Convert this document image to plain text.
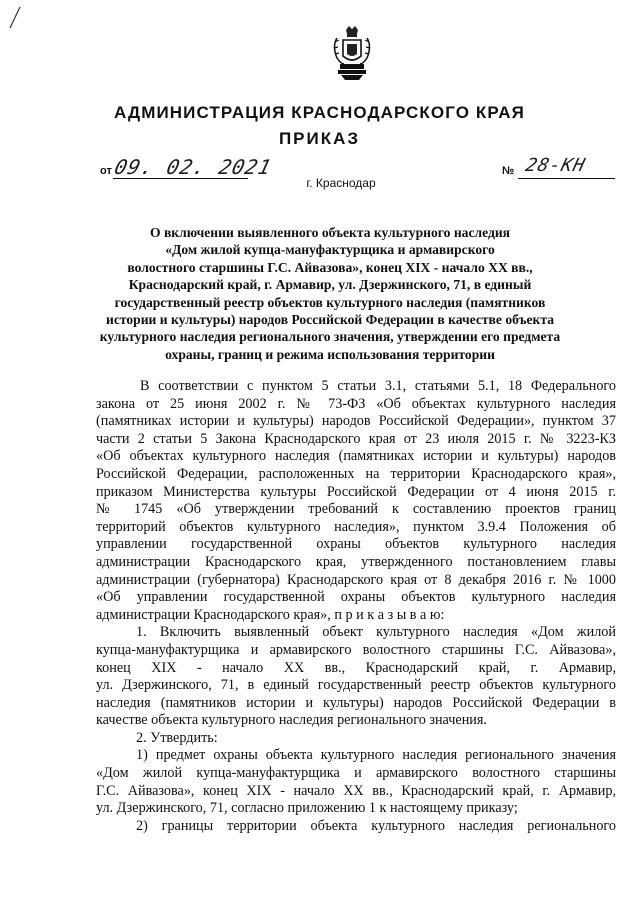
АДМИНИСТРАЦИЯ КРАСНОДАРСКОГО КРАЯ
ПРИКАЗ
от 09. 02. 2021	№ 28-КН
г. Краснодар
О включении выявленного объекта культурного наследия
«Дом жилой купца-мануфактурщика и армавирского
волостного старшины Г.С. Айвазова», конец XIX - начало XX вв.,
Краснодарский край, г. Армавир, ул. Дзержинского, 71, в единый
государственный реестр объектов культурного наследия (памятников
истории и культуры) народов Российской Федерации в качестве объекта
культурного наследия регионального значения, утверждении его предмета
охраны, границ и режима использования территории
В соответствии с пунктом 5 статьи 3.1, статьями 5.1, 18 Федерального
закона от 25 июня 2002 г. № 73-ФЗ «Об объектах культурного наследия
(памятниках истории и культуры) народов Российской Федерации», пунктом 37
части 2 статьи 5 Закона Краснодарского края от 23 июля 2015 г. № 3223-КЗ
«Об объектах культурного наследия (памятниках истории и культуры) народов
Российской Федерации, расположенных на территории Краснодарского края»,
приказом Министерства культуры Российской Федерации от 4 июня 2015 г.
№ 1745 «Об утверждении требований к составлению проектов границ
территорий объектов культурного наследия», пунктом 3.9.4 Положения об
управлении государственной охраны объектов культурного наследия
администрации Краснодарского края, утвержденного постановлением главы
администрации (губернатора) Краснодарского края от 8 декабря 2016 г. № 1000
«Об управлении государственной охраны объектов культурного наследия
администрации Краснодарского края», п р и к а з ы в а ю:
1. Включить выявленный объект культурного наследия «Дом жилой
купца-мануфактурщика и армавирского волостного старшины Г.С. Айвазова»,
конец XIX - начало XX вв., Краснодарский край, г. Армавир,
ул. Дзержинского, 71, в единый государственный реестр объектов культурного
наследия (памятников истории и культуры) народов Российской Федерации в
качестве объекта культурного наследия регионального значения.
2. Утвердить:
1) предмет охраны объекта культурного наследия регионального значения
«Дом жилой купца-мануфактурщика и армавирского волостного старшины
Г.С. Айвазова», конец XIX - начало XX вв., Краснодарский край, г. Армавир,
ул. Дзержинского, 71, согласно приложению 1 к настоящему приказу;
2) границы территории объекта культурного наследия регионального
